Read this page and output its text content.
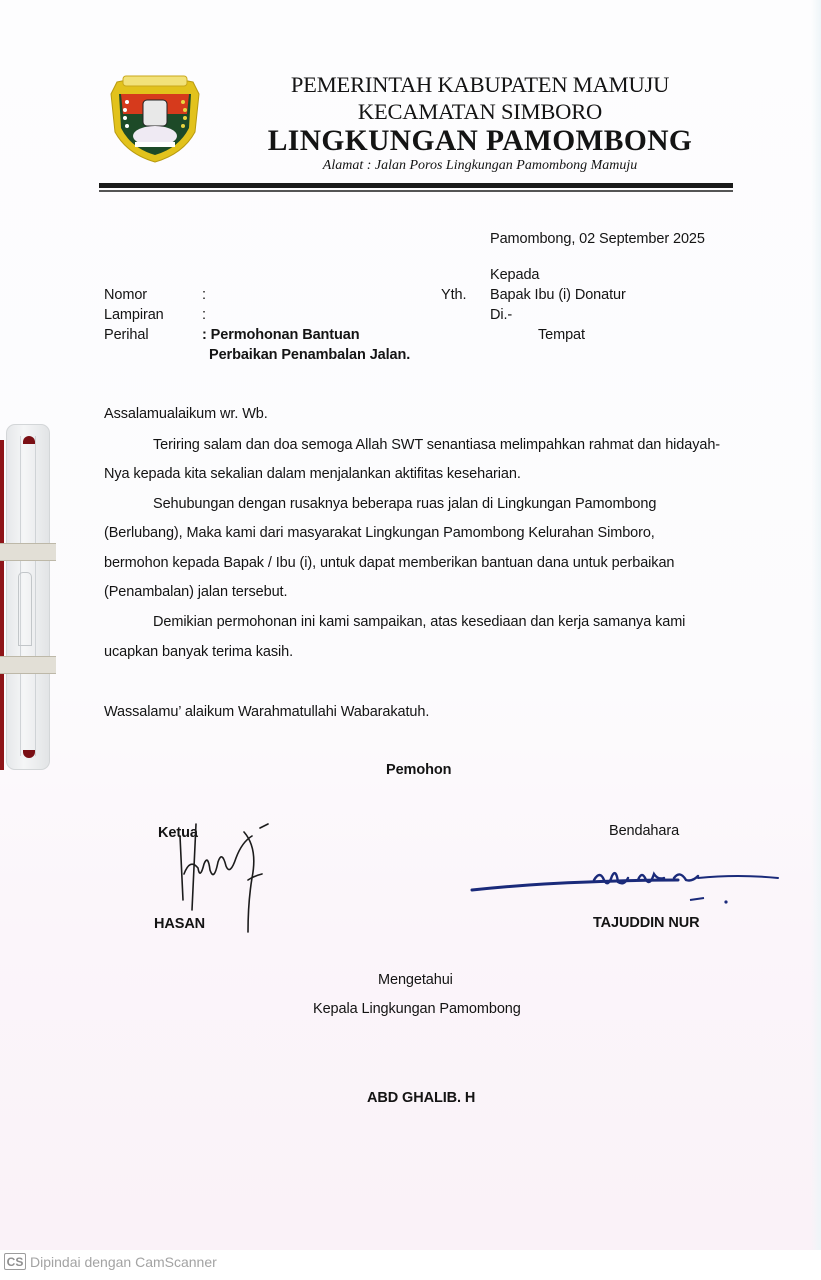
PEMERINTAH KABUPATEN MAMUJU
KECAMATAN SIMBORO
LINGKUNGAN PAMOMBONG
Alamat : Jalan Poros Lingkungan Pamombong Mamuju
Pamombong, 02 September 2025
Nomor	:
Lampiran	:
Perihal	: Permohonan Bantuan
Perbaikan Penambalan Jalan.
Kepada
Yth. Bapak Ibu (i) Donatur
Di.-
Tempat
Assalamualaikum wr. Wb.
Teriring salam dan doa semoga Allah SWT senantiasa melimpahkan rahmat dan hidayah-
Nya kepada kita sekalian dalam menjalankan aktifitas keseharian.
Sehubungan dengan rusaknya beberapa ruas jalan di Lingkungan Pamombong
(Berlubang), Maka kami dari masyarakat Lingkungan Pamombong Kelurahan Simboro,
bermohon kepada Bapak / Ibu (i), untuk dapat memberikan bantuan dana untuk perbaikan
(Penambalan) jalan tersebut.
Demikian permohonan ini kami sampaikan, atas kesediaan dan kerja samanya kami
ucapkan banyak terima kasih.
Wassalamu’ alaikum Warahmatullahi Wabarakatuh.
Pemohon
Ketua
HASAN
Bendahara
TAJUDDIN NUR
Mengetahui
Kepala Lingkungan Pamombong
ABD GHALIB. H
CS Dipindai dengan CamScanner
